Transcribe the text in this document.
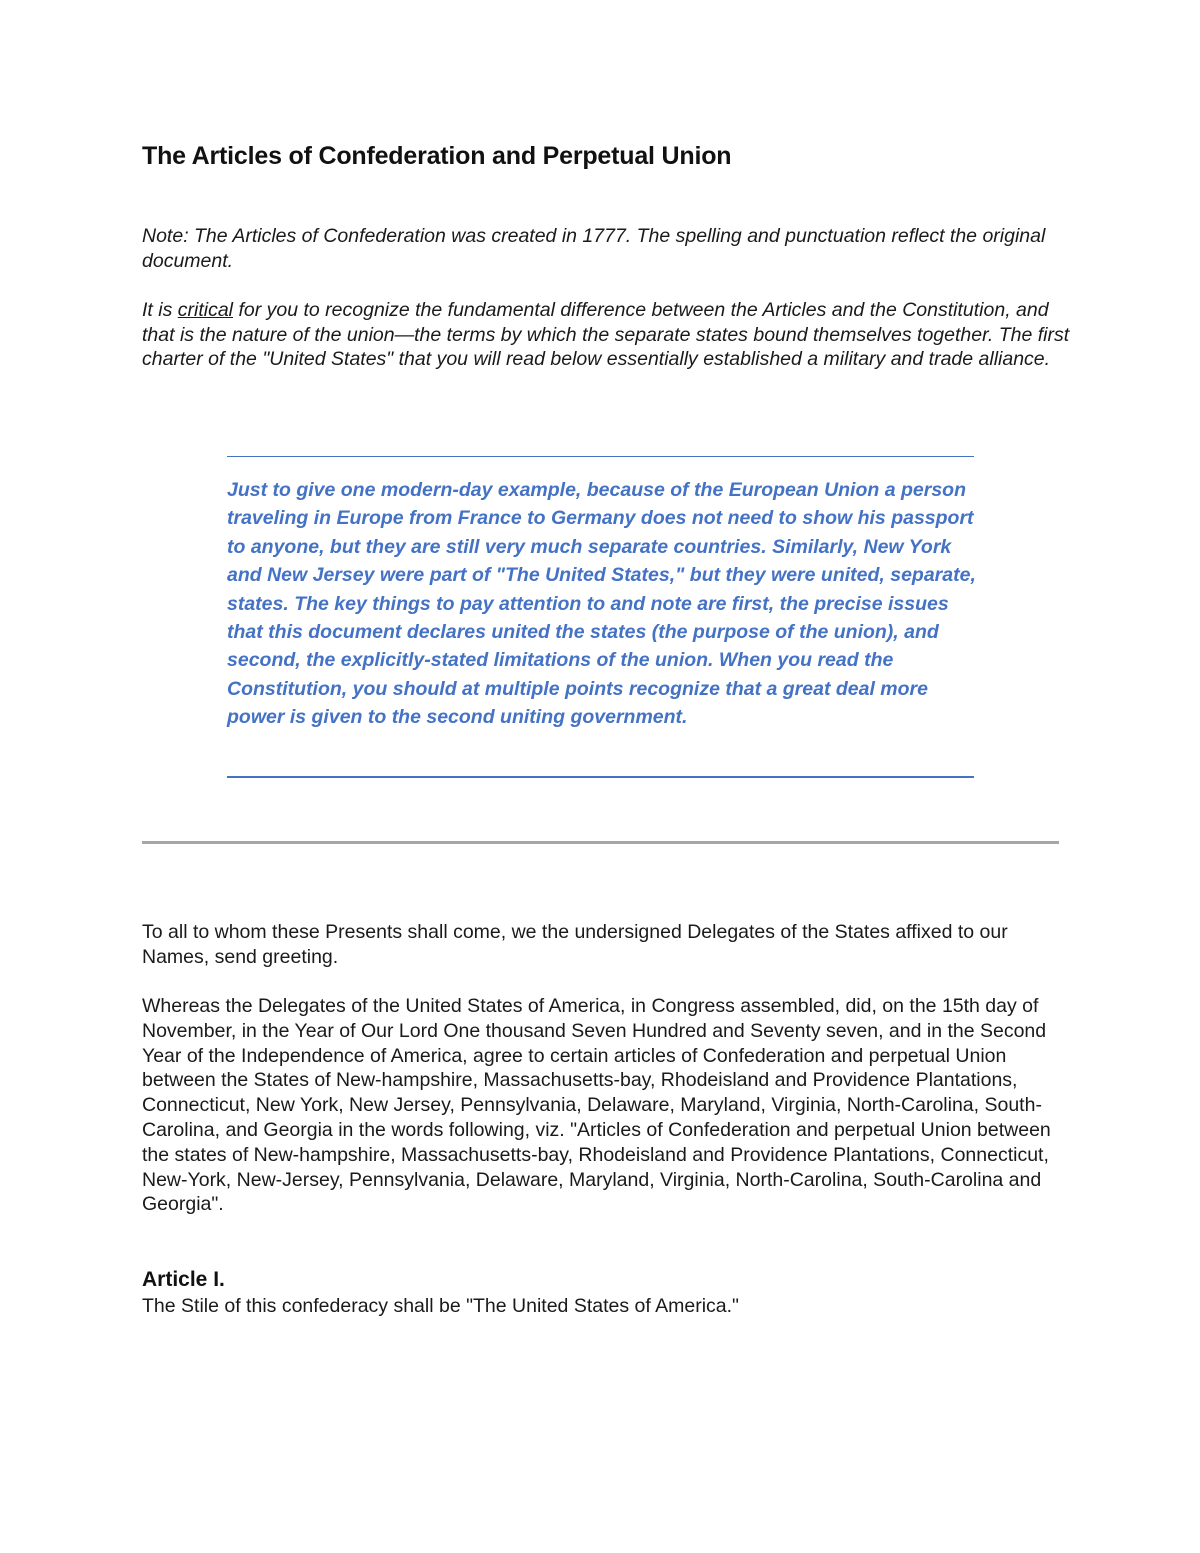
The Articles of Confederation and Perpetual Union

Note: The Articles of Confederation was created in 1777. The spelling and punctuation reflect the original document.

It is critical for you to recognize the fundamental difference between the Articles and the Constitution, and that is the nature of the union—the terms by which the separate states bound themselves together. The first charter of the "United States" that you will read below essentially established a military and trade alliance.

Just to give one modern-day example, because of the European Union a person traveling in Europe from France to Germany does not need to show his passport to anyone, but they are still very much separate countries. Similarly, New York and New Jersey were part of "The United States," but they were united, separate, states. The key things to pay attention to and note are first, the precise issues that this document declares united the states (the purpose of the union), and second, the explicitly-stated limitations of the union. When you read the Constitution, you should at multiple points recognize that a great deal more power is given to the second uniting government.

To all to whom these Presents shall come, we the undersigned Delegates of the States affixed to our Names, send greeting.

Whereas the Delegates of the United States of America, in Congress assembled, did, on the 15th day of November, in the Year of Our Lord One thousand Seven Hundred and Seventy seven, and in the Second Year of the Independence of America, agree to certain articles of Confederation and perpetual Union between the States of New-hampshire, Massachusetts-bay, Rhodeisland and Providence Plantations, Connecticut, New York, New Jersey, Pennsylvania, Delaware, Maryland, Virginia, North-Carolina, South-Carolina, and Georgia in the words following, viz. "Articles of Confederation and perpetual Union between the states of New-hampshire, Massachusetts-bay, Rhodeisland and Providence Plantations, Connecticut, New-York, New-Jersey, Pennsylvania, Delaware, Maryland, Virginia, North-Carolina, South-Carolina and Georgia".

Article I.

The Stile of this confederacy shall be "The United States of America."
